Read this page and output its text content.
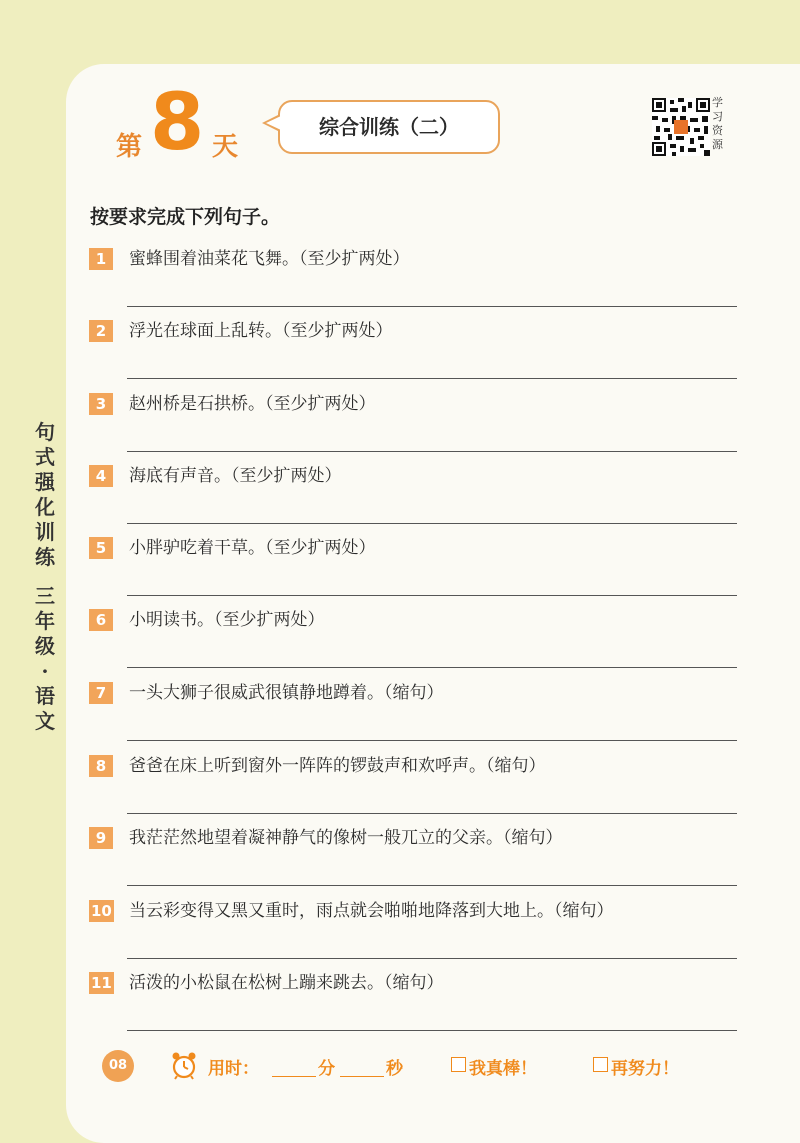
第 8 天
综合训练（二）
学习资源
句
式
强
化
训
练
三
年
级
·
语
文
按要求完成下列句子。
1	蜜蜂围着油菜花飞舞。（至少扩两处）
2	浮光在球面上乱转。（至少扩两处）
3	赵州桥是石拱桥。（至少扩两处）
4	海底有声音。（至少扩两处）
5	小胖驴吃着干草。（至少扩两处）
6	小明读书。（至少扩两处）
7	一头大狮子很威武很镇静地蹲着。（缩句）
8	爸爸在床上听到窗外一阵阵的锣鼓声和欢呼声。（缩句）
9	我茫茫然地望着凝神静气的像树一般兀立的父亲。（缩句）
10 当云彩变得又黑又重时，雨点就会啪啪地降落到大地上。（缩句）
11 活泼的小松鼠在松树上蹦来跳去。（缩句）
08	用时：	分	秒	我真棒！	再努力！
